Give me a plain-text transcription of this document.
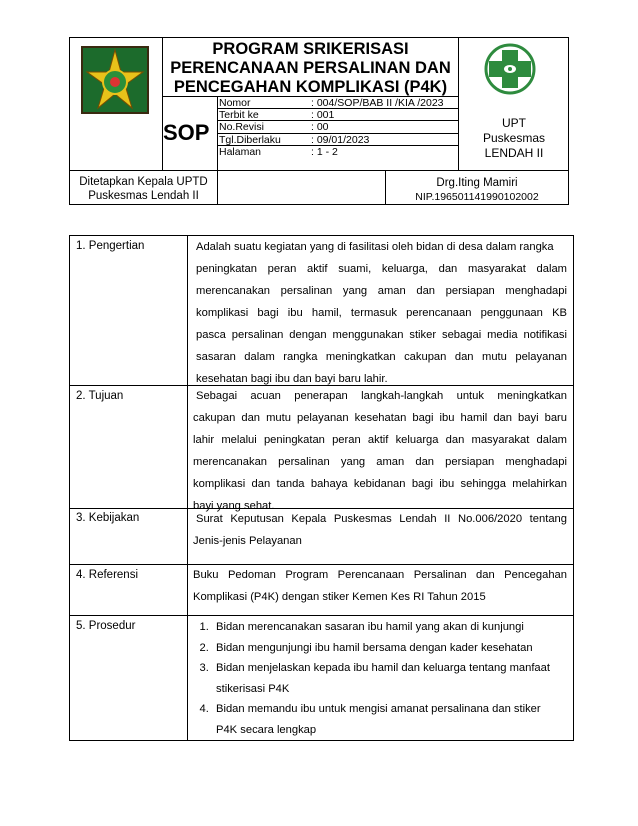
PROGRAM SRIKERISASI
PERENCANAAN PERSALINAN DAN
PENCEGAHAN KOMPLIKASI (P4K)
SOP
Nomor	: 004/SOP/BAB II /KIA /2023
Terbit ke	: 001
No.Revisi	: 00
Tgl.Diberlaku	: 09/01/2023
Halaman	: 1 - 2
UPT
Puskesmas
LENDAH II
Ditetapkan Kepala UPTD
Puskesmas Lendah II
Drg.Iting Mamiri
NIP.196501141990102002
1. Pengertian	Adalah suatu kegiatan yang di fasilitasi oleh bidan di desa dalam rangka
peningkatan peran aktif suami, keluarga, dan masyarakat dalam
merencanakan persalinan yang aman dan persiapan menghadapi
komplikasi bagi ibu hamil, termasuk perencanaan penggunaan KB
pasca persalinan dengan menggunakan stiker sebagai media notifikasi
sasaran dalam rangka meningkatkan cakupan dan mutu pelayanan
kesehatan bagi ibu dan bayi baru lahir.
2. Tujuan	Sebagai acuan penerapan langkah-langkah untuk meningkatkan
cakupan dan mutu pelayanan kesehatan bagi ibu hamil dan bayi baru
lahir melalui peningkatan peran aktif keluarga dan masyarakat dalam
merencanakan persalinan yang aman dan persiapan menghadapi
komplikasi dan tanda bahaya kebidanan bagi ibu sehingga melahirkan
bayi yang sehat.
3. Kebijakan	Surat Keputusan Kepala Puskesmas Lendah II No.006/2020 tentang
Jenis-jenis Pelayanan
4. Referensi	Buku Pedoman Program Perencanaan Persalinan dan Pencegahan
Komplikasi (P4K) dengan stiker Kemen Kes RI Tahun 2015
5. Prosedur
1.	Bidan merencanakan sasaran ibu hamil yang akan di kunjungi
2. Bidan mengunjungi ibu hamil bersama dengan kader kesehatan
3. Bidan menjelaskan kepada ibu hamil dan keluarga tentang manfaat stikerisasi P4K
4. Bidan memandu ibu untuk mengisi amanat persalinana dan stiker P4K secara lengkap
